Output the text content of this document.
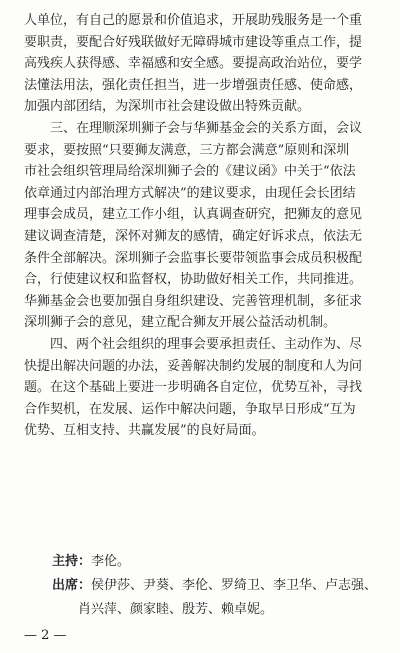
人单位，有自己的愿景和价值追求，开展助残服务是一个重
要职责，要配合好残联做好无障碍城市建设等重点工作，提
高残疾人获得感、幸福感和安全感。要提高政治站位，要学
法懂法用法，强化责任担当，进一步增强责任感、使命感，
加强内部团结，为深圳市社会建设做出特殊贡献。
三、在理顺深圳狮子会与华狮基金会的关系方面，会议
要求，要按照“只要狮友满意，三方都会满意”原则和深圳
市社会组织管理局给深圳狮子会的《建议函》中关于“依法
依章通过内部治理方式解决”的建议要求，由现任会长团结
理事会成员，建立工作小组，认真调查研究，把狮友的意见
建议调查清楚，深怀对狮友的感情，确定好诉求点，依法无
条件全部解决。深圳狮子会监事长要带领监事会成员积极配
合，行使建议权和监督权，协助做好相关工作，共同推进。
华狮基金会也要加强自身组织建设、完善管理机制，多征求
深圳狮子会的意见，建立配合狮友开展公益活动机制。
四、两个社会组织的理事会要承担责任、主动作为、尽
快提出解决问题的办法，妥善解决制约发展的制度和人为问
题。在这个基础上要进一步明确各自定位，优势互补，寻找
合作契机，在发展、运作中解决问题，争取早日形成“互为
优势、互相支持、共赢发展”的良好局面。
主持：李伦。
出席：侯伊莎、尹葵、李伦、罗绮卫、李卫华、卢志强、
肖兴萍、颜家睦、殷芳、赖卓妮。
— 2 —
